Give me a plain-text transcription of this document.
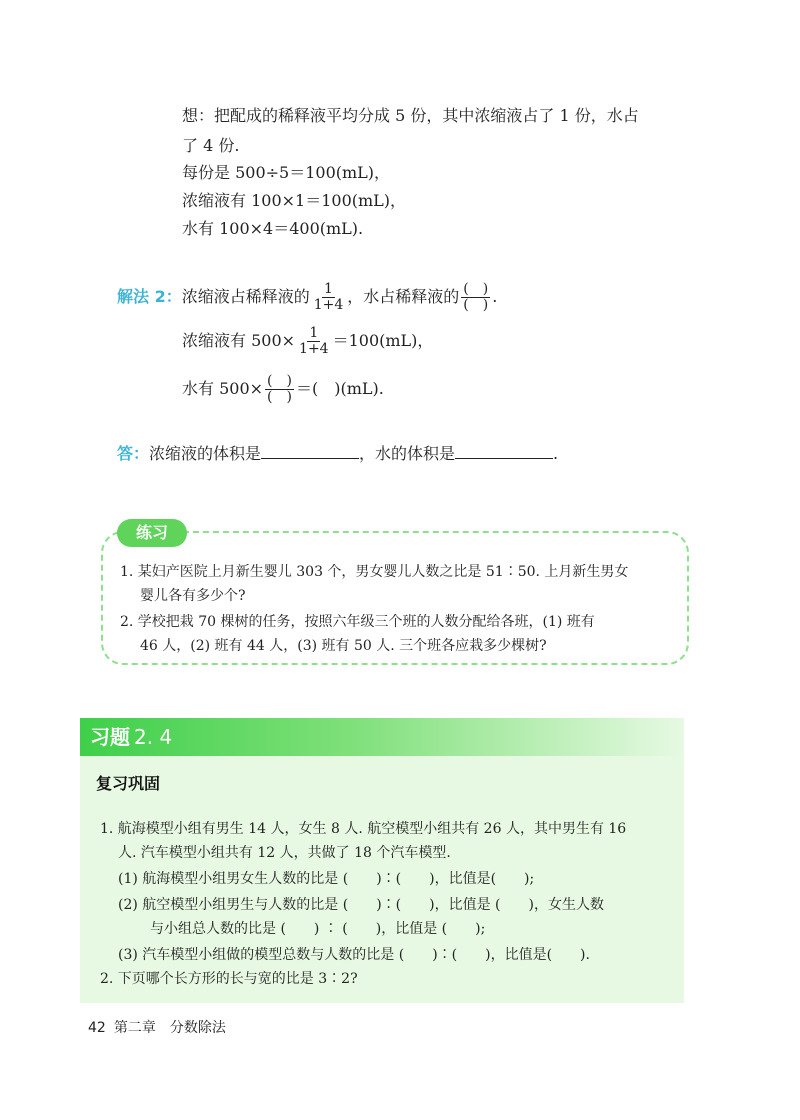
想：把配成的稀释液平均分成 5 份，其中浓缩液占了 1 份，水占
了 4 份.
每份是 500÷5＝100(mL)，
浓缩液有 100×1＝100(mL)，
水有 100×4＝400(mL).
解法 2：浓缩液占稀释液的 $\frac{1}{1+4}$ ，水占稀释液的 $\frac{( )}{( )}$ .
浓缩液有 $500\times \frac{1}{1+4} =100(mL)$，
水有 $500\times \frac{( )}{( )}$ ＝(　)(mL).
答：浓缩液的体积是	，水的体积是	.
练习
1. 某妇产医院上月新生婴儿 303 个，男女婴儿人数之比是 51∶50. 上月新生男女
婴儿各有多少个?
2. 学校把栽 70 棵树的任务，按照六年级三个班的人数分配给各班，(1) 班有
46 人，(2) 班有 44 人，(3) 班有 50 人. 三个班各应栽多少棵树?
习题 2. 4
复习巩固
1. 航海模型小组有男生 14 人，女生 8 人. 航空模型小组共有 26 人，其中男生有 16
人. 汽车模型小组共有 12 人，共做了 18 个汽车模型.
(1) 航海模型小组男女生人数的比是 (　　)∶(　　)，比值是(　　);
(2) 航空模型小组男生与人数的比是 (　　)∶(　　)，比值是 (　　)，女生人数
与小组总人数的比是 (　　) ∶ (　　)，比值是 (　　);
(3) 汽车模型小组做的模型总数与人数的比是 (　　)∶(　　)，比值是(　　).
2. 下页哪个长方形的长与宽的比是 3∶2?
42 第二章　分数除法
